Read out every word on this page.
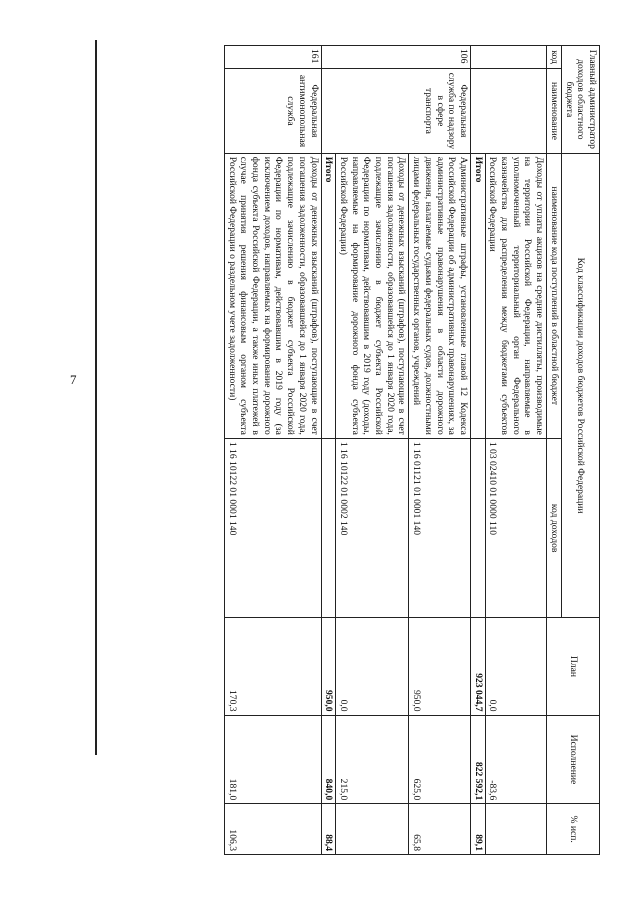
7
Главный администратор доходов областного бюджета		Код классификации доходов бюджетов Российской Федерации		План	Исполнение	% исп.
код	наименование	наименование кода поступлений в областной бюджет	код доходов			
		Доходы от уплаты акцизов на средние дистилляты, производимые на территории Российской Федерации, направляемые в уполномоченный территориальный орган Федерального казначейства для распределения между бюджетами субъектов Российской Федерации	1 03 02410 01 0000 110	0,0	-83,6	
		Итого		923 044,7	822 592,1	89,1
106	Федеральная служба по надзору в сфере транспорта	Административные штрафы, установленные главой 12 Кодекса Российской Федерации об административных правонарушениях, за административные правонарушения в области дорожного движения, налагаемые судьями федеральных судов, должностными лицами федеральных государственных органов, учреждений	1 16 01121 01 0001 140	950,0	625,0	65,8
		Доходы от денежных взысканий (штрафов), поступающие в счет погашения задолженности, образовавшейся до 1 января 2020 года, подлежащие зачислению в бюджет субъекта Российской Федерации по нормативам, действовавшим в 2019 году (доходы, направляемые на формирование дорожного фонда субъекта Российской Федерации)	1 16 10122 01 0002 140	0,0	215,0	
		Итого		950,0	840,0	88,4
161	Федеральная антимонопольная служба	Доходы от денежных взысканий (штрафов), поступающие в счет погашения задолженности, образовавшейся до 1 января 2020 года, подлежащие зачислению в бюджет субъекта Российской Федерации по нормативам, действовавшим в 2019 году (за исключением доходов, направляемых на формирование дорожного фонда субъекта Российской Федерации, а также иных платежей в случае принятия решения финансовым органом субъекта Российской Федерации о раздельном учете задолженности)	1 16 10122 01 0001 140	170,3	181,0	106,3
